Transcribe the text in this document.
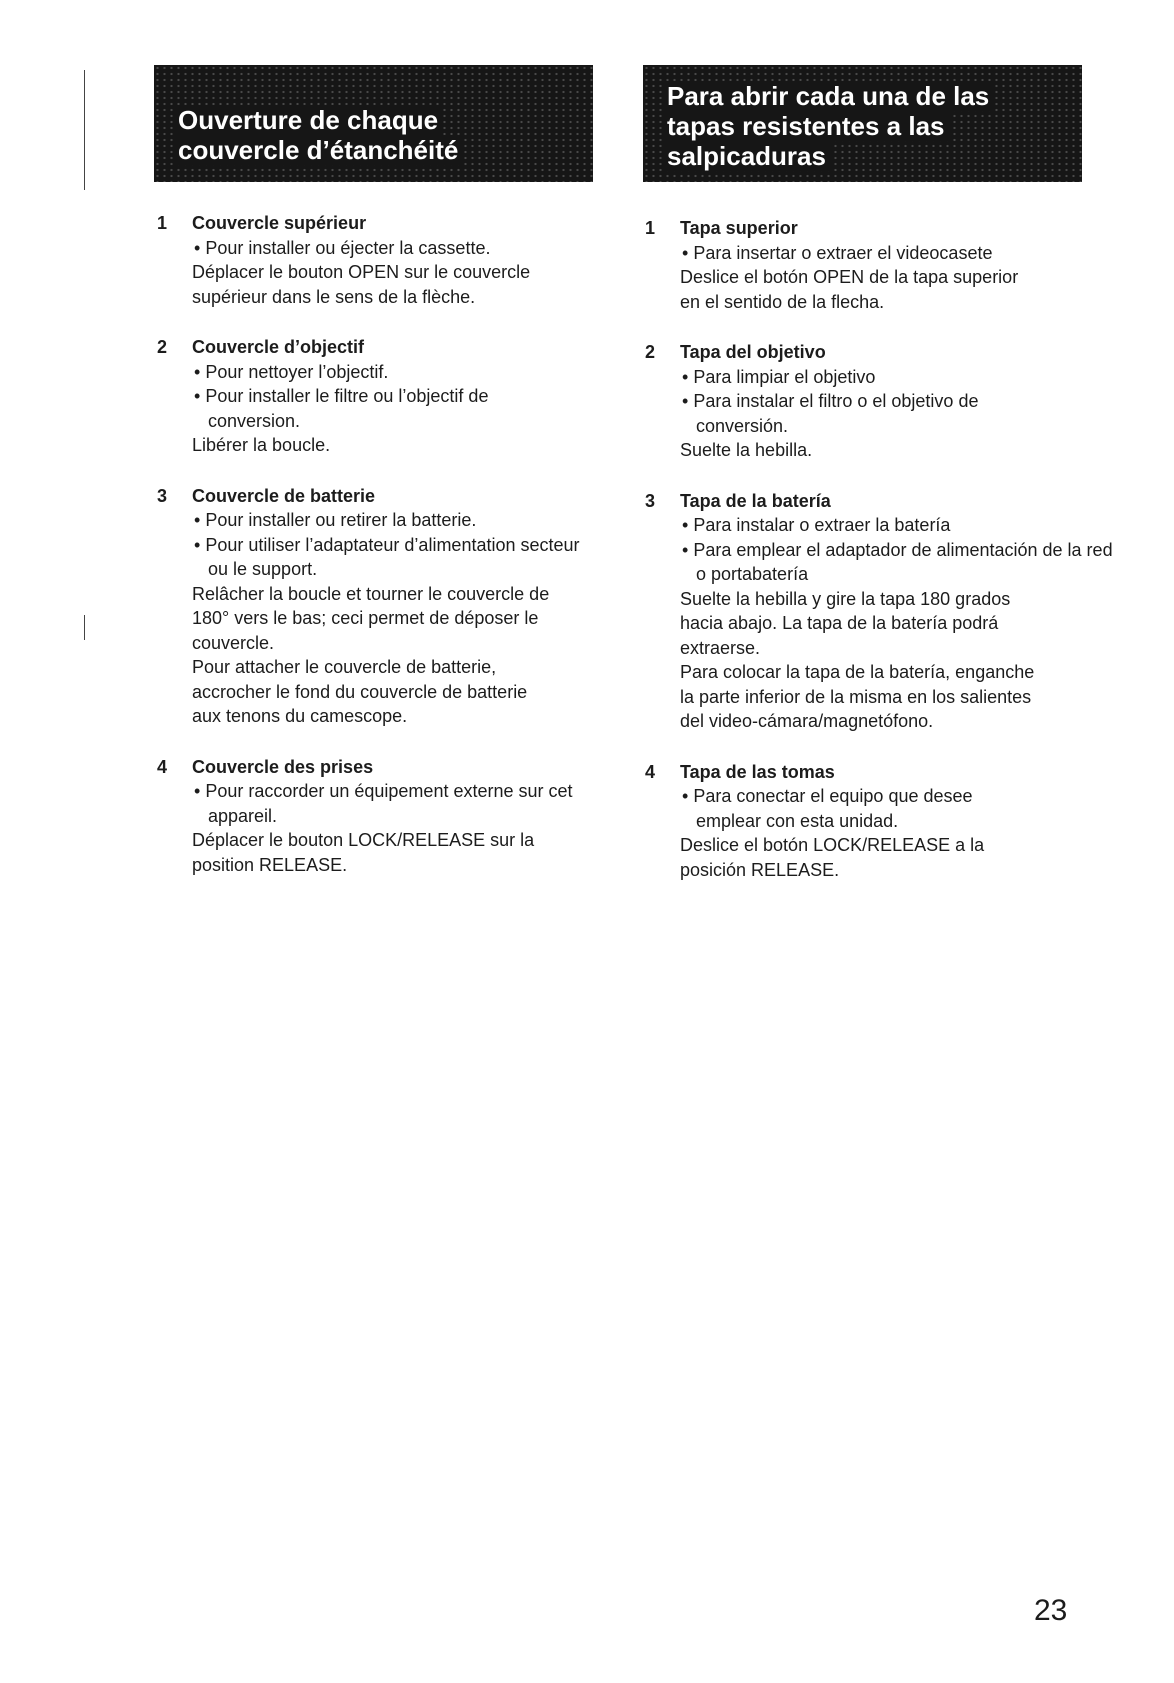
Ouverture de chaque
couvercle d’étanchéité
Para abrir cada una de las
tapas resistentes a las
salpicaduras
1 Couvercle supérieur
• Pour installer ou éjecter la cassette.
Déplacer le bouton OPEN sur le couvercle
supérieur dans le sens de la flèche.
2 Couvercle d’objectif
• Pour nettoyer l’objectif.
• Pour installer le filtre ou l’objectif de conversion.
Libérer la boucle.
3 Couvercle de batterie
• Pour installer ou retirer la batterie.
• Pour utiliser l’adaptateur d’alimentation secteur ou le support.
Relâcher la boucle et tourner le couvercle de
180° vers le bas; ceci permet de déposer le
couvercle.
Pour attacher le couvercle de batterie,
accrocher le fond du couvercle de batterie
aux tenons du camescope.
4 Couvercle des prises
• Pour raccorder un équipement externe sur cet appareil.
Déplacer le bouton LOCK/RELEASE sur la
position RELEASE.
1 Tapa superior
• Para insertar o extraer el videocasete
Deslice el botón OPEN de la tapa superior
en el sentido de la flecha.
2 Tapa del objetivo
• Para limpiar el objetivo
• Para instalar el filtro o el objetivo de conversión.
Suelte la hebilla.
3 Tapa de la batería
• Para instalar o extraer la batería
• Para emplear el adaptador de alimentación de la red o portabatería
Suelte la hebilla y gire la tapa 180 grados
hacia abajo. La tapa de la batería podrá
extraerse.
Para colocar la tapa de la batería, enganche
la parte inferior de la misma en los salientes
del video-cámara/magnetófono.
4 Tapa de las tomas
• Para conectar el equipo que desee emplear con esta unidad.
Deslice el botón LOCK/RELEASE a la
posición RELEASE.
23
